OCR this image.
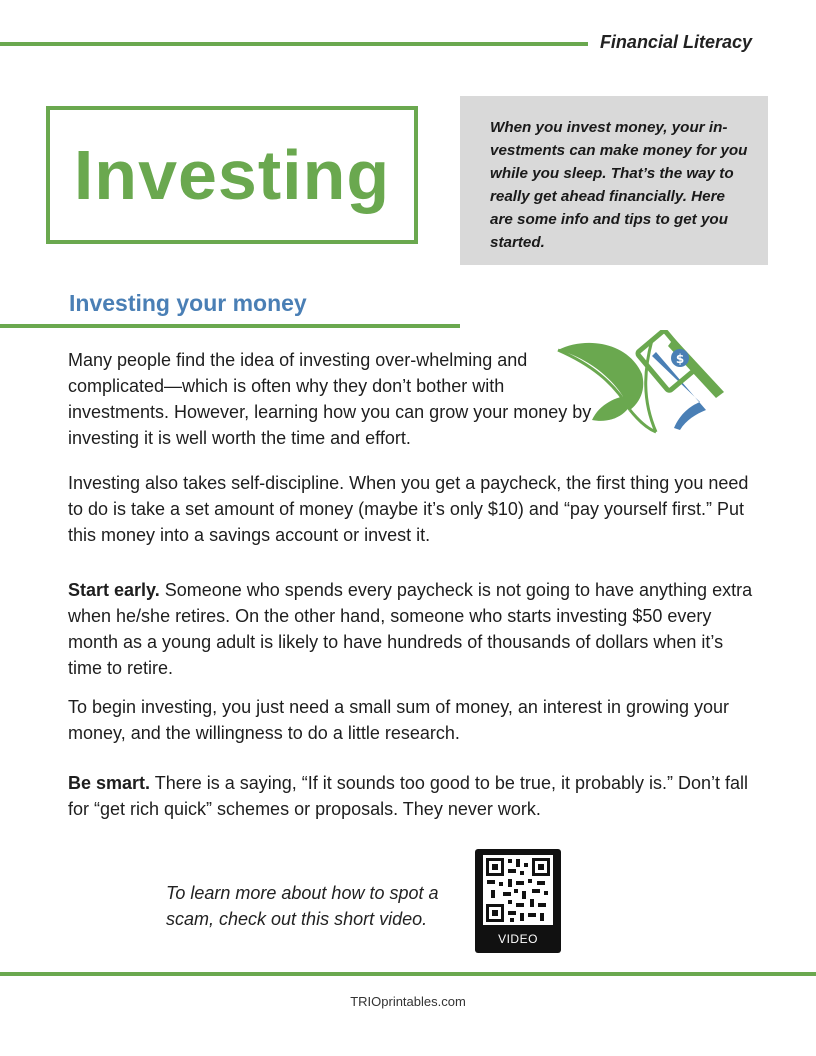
Financial Literacy
Investing
When you invest money, your in-vestments can make money for you while you sleep. That’s the way to really get ahead financially. Here are some info and tips to get you started.
Investing your money
$
Many people find the idea of investing over-whelming and complicated—which is often why they don’t bother with investments. However, learning how you can grow your money by investing it is well worth the time and effort.
Investing also takes self-discipline. When you get a paycheck, the first thing you need to do is take a set amount of money (maybe it’s only $10) and “pay yourself first.” Put this money into a savings account or invest it.
Start early. Someone who spends every paycheck is not going to have anything extra when he/she retires. On the other hand, someone who starts investing $50 every month as a young adult is likely to have hundreds of thousands of dollars when it’s time to retire.
To begin investing, you just need a small sum of money, an interest in growing your money, and the willingness to do a little research.
Be smart. There is a saying, “If it sounds too good to be true, it probably is.” Don’t fall for “get rich quick” schemes or proposals. They never work.
To learn more about how to spot a scam, check out this short video.
VIDEO
TRIOprintables.com
